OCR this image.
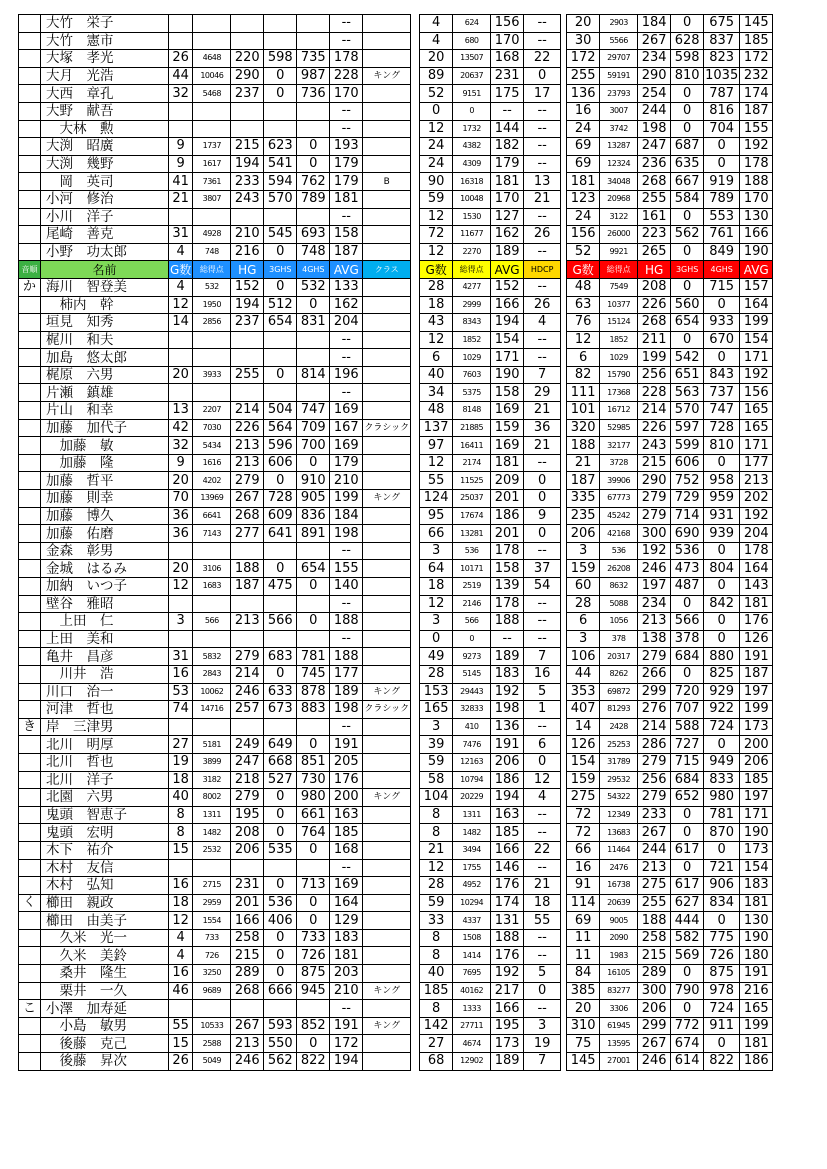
	大竹　栄子						--			4	624	156	--		20	2903	184	0	675	145
	大竹　憲市						--			4	680	170	--		30	5566	267	628	837	185
	大塚　孝光	26	4648	220	598	735	178			20	13507	168	22		172	29707	234	598	823	172
	大月　光浩	44	10046	290	0	987	228	キング		89	20637	231	0		255	59191	290	810	1035	232
	大西　章孔	32	5468	237	0	736	170			52	9151	175	17		136	23793	254	0	787	174
	大野　献吾						--			0	0	--	--		16	3007	244	0	816	187
	　大林　勲						--			12	1732	144	--		24	3742	198	0	704	155
	大渕　昭廣	9	1737	215	623	0	193			24	4382	182	--		69	13287	247	687	0	192
	大渕　幾野	9	1617	194	541	0	179			24	4309	179	--		69	12324	236	635	0	178
	　岡　英司	41	7361	233	594	762	179	B		90	16318	181	13		181	34048	268	667	919	188
	小河　修治	21	3807	243	570	789	181			59	10048	170	21		123	20968	255	584	789	170
	小川　洋子						--			12	1530	127	--		24	3122	161	0	553	130
	尾崎　善克	31	4928	210	545	693	158			72	11677	162	26		156	26000	223	562	761	166
	小野　功太郎	4	748	216	0	748	187			12	2270	189	--		52	9921	265	0	849	190
音順	名前	G数	総得点	HG	3GHS	4GHS	AVG	クラス		G数	総得点	AVG	HDCP		G数	総得点	HG	3GHS	4GHS	AVG
か	海川　智登美	4	532	152	0	532	133			28	4277	152	--		48	7549	208	0	715	157
	　柿内　幹	12	1950	194	512	0	162			18	2999	166	26		63	10377	226	560	0	164
	垣見　知秀	14	2856	237	654	831	204			43	8343	194	4		76	15124	268	654	933	199
	梶川　和夫						--			12	1852	154	--		12	1852	211	0	670	154
	加島　悠太郎						--			6	1029	171	--		6	1029	199	542	0	171
	梶原　六男	20	3933	255	0	814	196			40	7603	190	7		82	15790	256	651	843	192
	片瀬　鎮雄						--			34	5375	158	29		111	17368	228	563	737	156
	片山　和幸	13	2207	214	504	747	169			48	8148	169	21		101	16712	214	570	747	165
	加藤　加代子	42	7030	226	564	709	167	クラシック		137	21885	159	36		320	52985	226	597	728	165
	　加藤　敏	32	5434	213	596	700	169			97	16411	169	21		188	32177	243	599	810	171
	　加藤　隆	9	1616	213	606	0	179			12	2174	181	--		21	3728	215	606	0	177
	加藤　哲平	20	4202	279	0	910	210			55	11525	209	0		187	39906	290	752	958	213
	加藤　則幸	70	13969	267	728	905	199	キング		124	25037	201	0		335	67773	279	729	959	202
	加藤　博久	36	6641	268	609	836	184			95	17674	186	9		235	45242	279	714	931	192
	加藤　佑磨	36	7143	277	641	891	198			66	13281	201	0		206	42168	300	690	939	204
	金森　彰男						--			3	536	178	--		3	536	192	536	0	178
	金城　はるみ	20	3106	188	0	654	155			64	10171	158	37		159	26208	246	473	804	164
	加納　いつ子	12	1683	187	475	0	140			18	2519	139	54		60	8632	197	487	0	143
	壁谷　雅昭						--			12	2146	178	--		28	5088	234	0	842	181
	　上田　仁	3	566	213	566	0	188			3	566	188	--		6	1056	213	566	0	176
	上田　美和						--			0	0	--	--		3	378	138	378	0	126
	亀井　昌彦	31	5832	279	683	781	188			49	9273	189	7		106	20317	279	684	880	191
	　川井　浩	16	2843	214	0	745	177			28	5145	183	16		44	8262	266	0	825	187
	川口　治一	53	10062	246	633	878	189	キング		153	29443	192	5		353	69872	299	720	929	197
	河津　哲也	74	14716	257	673	883	198	クラシック		165	32833	198	1		407	81293	276	707	922	199
き	岸　三津男						--			3	410	136	--		14	2428	214	588	724	173
	北川　明厚	27	5181	249	649	0	191			39	7476	191	6		126	25253	286	727	0	200
	北川　哲也	19	3899	247	668	851	205			59	12163	206	0		154	31789	279	715	949	206
	北川　洋子	18	3182	218	527	730	176			58	10794	186	12		159	29532	256	684	833	185
	北園　六男	40	8002	279	0	980	200	キング		104	20229	194	4		275	54322	279	652	980	197
	鬼頭　智恵子	8	1311	195	0	661	163			8	1311	163	--		72	12349	233	0	781	171
	鬼頭　宏明	8	1482	208	0	764	185			8	1482	185	--		72	13683	267	0	870	190
	木下　祐介	15	2532	206	535	0	168			21	3494	166	22		66	11464	244	617	0	173
	木村　友信						--			12	1755	146	--		16	2476	213	0	721	154
	木村　弘知	16	2715	231	0	713	169			28	4952	176	21		91	16738	275	617	906	183
く	櫛田　親政	18	2959	201	536	0	164			59	10294	174	18		114	20639	255	627	834	181
	櫛田　由美子	12	1554	166	406	0	129			33	4337	131	55		69	9005	188	444	0	130
	　久米　光一	4	733	258	0	733	183			8	1508	188	--		11	2090	258	582	775	190
	　久米　美鈴	4	726	215	0	726	181			8	1414	176	--		11	1983	215	569	726	180
	　桑井　隆生	16	3250	289	0	875	203			40	7695	192	5		84	16105	289	0	875	191
	　栗井　一久	46	9689	268	666	945	210	キング		185	40162	217	0		385	83277	300	790	978	216
こ	小澤　加寿延						--			8	1333	166	--		20	3306	206	0	724	165
	　小島　敏男	55	10533	267	593	852	191	キング		142	27711	195	3		310	61945	299	772	911	199
	　後藤　克己	15	2588	213	550	0	172			27	4674	173	19		75	13595	267	674	0	181
	　後藤　昇次	26	5049	246	562	822	194			68	12902	189	7		145	27001	246	614	822	186
